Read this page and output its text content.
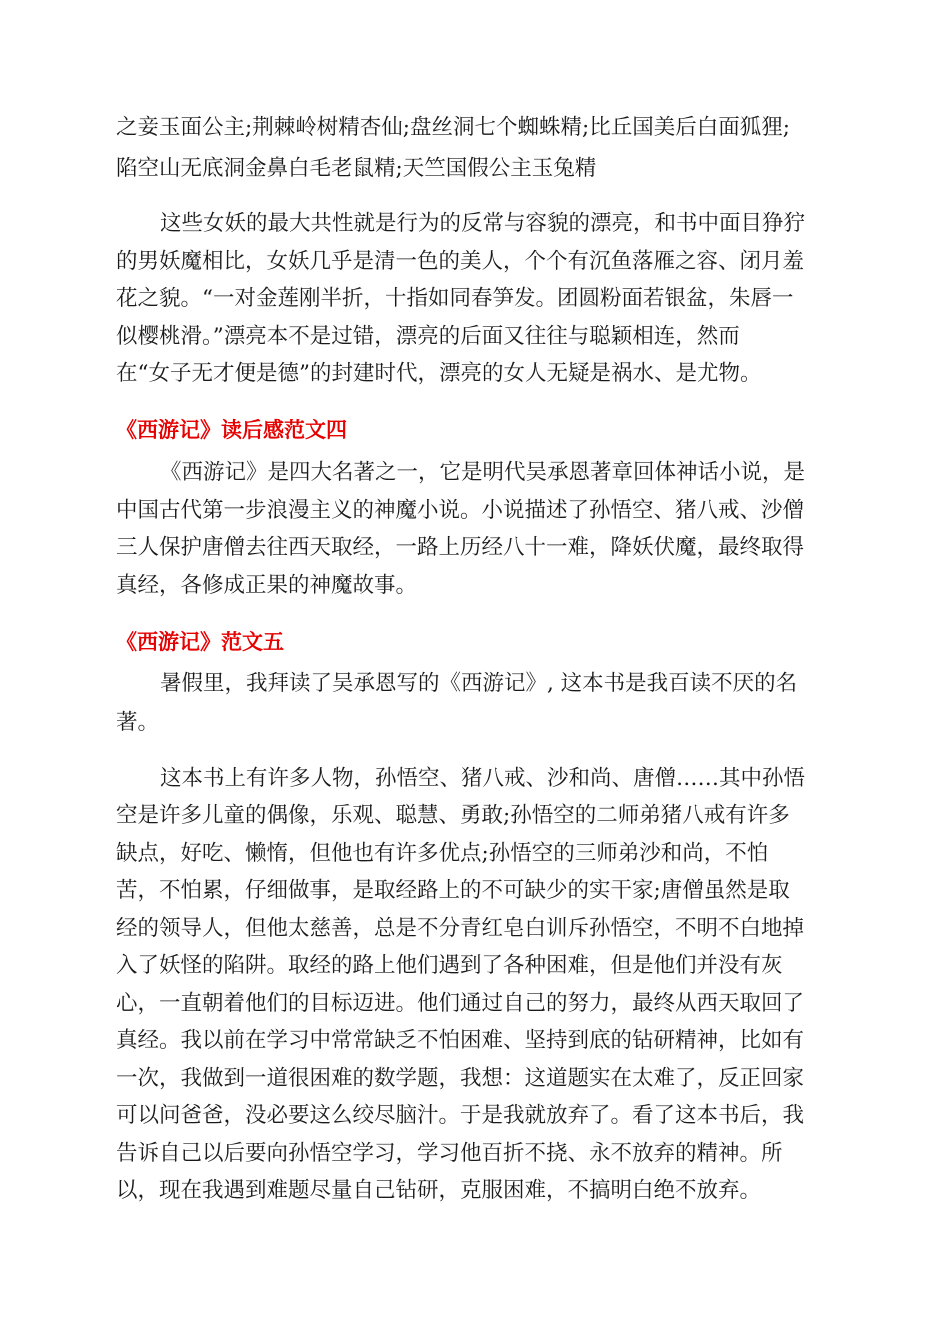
之妾玉面公主;荆棘岭树精杏仙;盘丝洞七个蜘蛛精;比丘国美后白面狐狸;
陷空山无底洞金鼻白毛老鼠精;天竺国假公主玉兔精
这些女妖的最大共性就是行为的反常与容貌的漂亮，和书中面目狰狞
的男妖魔相比，女妖几乎是清一色的美人，个个有沉鱼落雁之容、闭月羞
花之貌。“一对金莲刚半折，十指如同春笋发。团圆粉面若银盆，朱唇一
似樱桃滑。”漂亮本不是过错，漂亮的后面又往往与聪颖相连，然而
在“女子无才便是德”的封建时代，漂亮的女人无疑是祸水、是尤物。
《西游记》读后感范文四
《西游记》是四大名著之一，它是明代吴承恩著章回体神话小说，是
中国古代第一步浪漫主义的神魔小说。小说描述了孙悟空、猪八戒、沙僧
三人保护唐僧去往西天取经，一路上历经八十一难，降妖伏魔，最终取得
真经，各修成正果的神魔故事。
《西游记》范文五
暑假里，我拜读了吴承恩写的《西游记》, 这本书是我百读不厌的名
著。
这本书上有许多人物，孙悟空、猪八戒、沙和尚、唐僧……其中孙悟
空是许多儿童的偶像，乐观、聪慧、勇敢;孙悟空的二师弟猪八戒有许多
缺点，好吃、懒惰，但他也有许多优点;孙悟空的三师弟沙和尚，不怕
苦，不怕累，仔细做事，是取经路上的不可缺少的实干家;唐僧虽然是取
经的领导人，但他太慈善，总是不分青红皂白训斥孙悟空，不明不白地掉
入了妖怪的陷阱。取经的路上他们遇到了各种困难，但是他们并没有灰
心，一直朝着他们的目标迈进。他们通过自己的努力，最终从西天取回了
真经。我以前在学习中常常缺乏不怕困难、坚持到底的钻研精神，比如有
一次，我做到一道很困难的数学题，我想：这道题实在太难了，反正回家
可以问爸爸，没必要这么绞尽脑汁。于是我就放弃了。看了这本书后，我
告诉自己以后要向孙悟空学习，学习他百折不挠、永不放弃的精神。所
以，现在我遇到难题尽量自己钻研，克服困难，不搞明白绝不放弃。
